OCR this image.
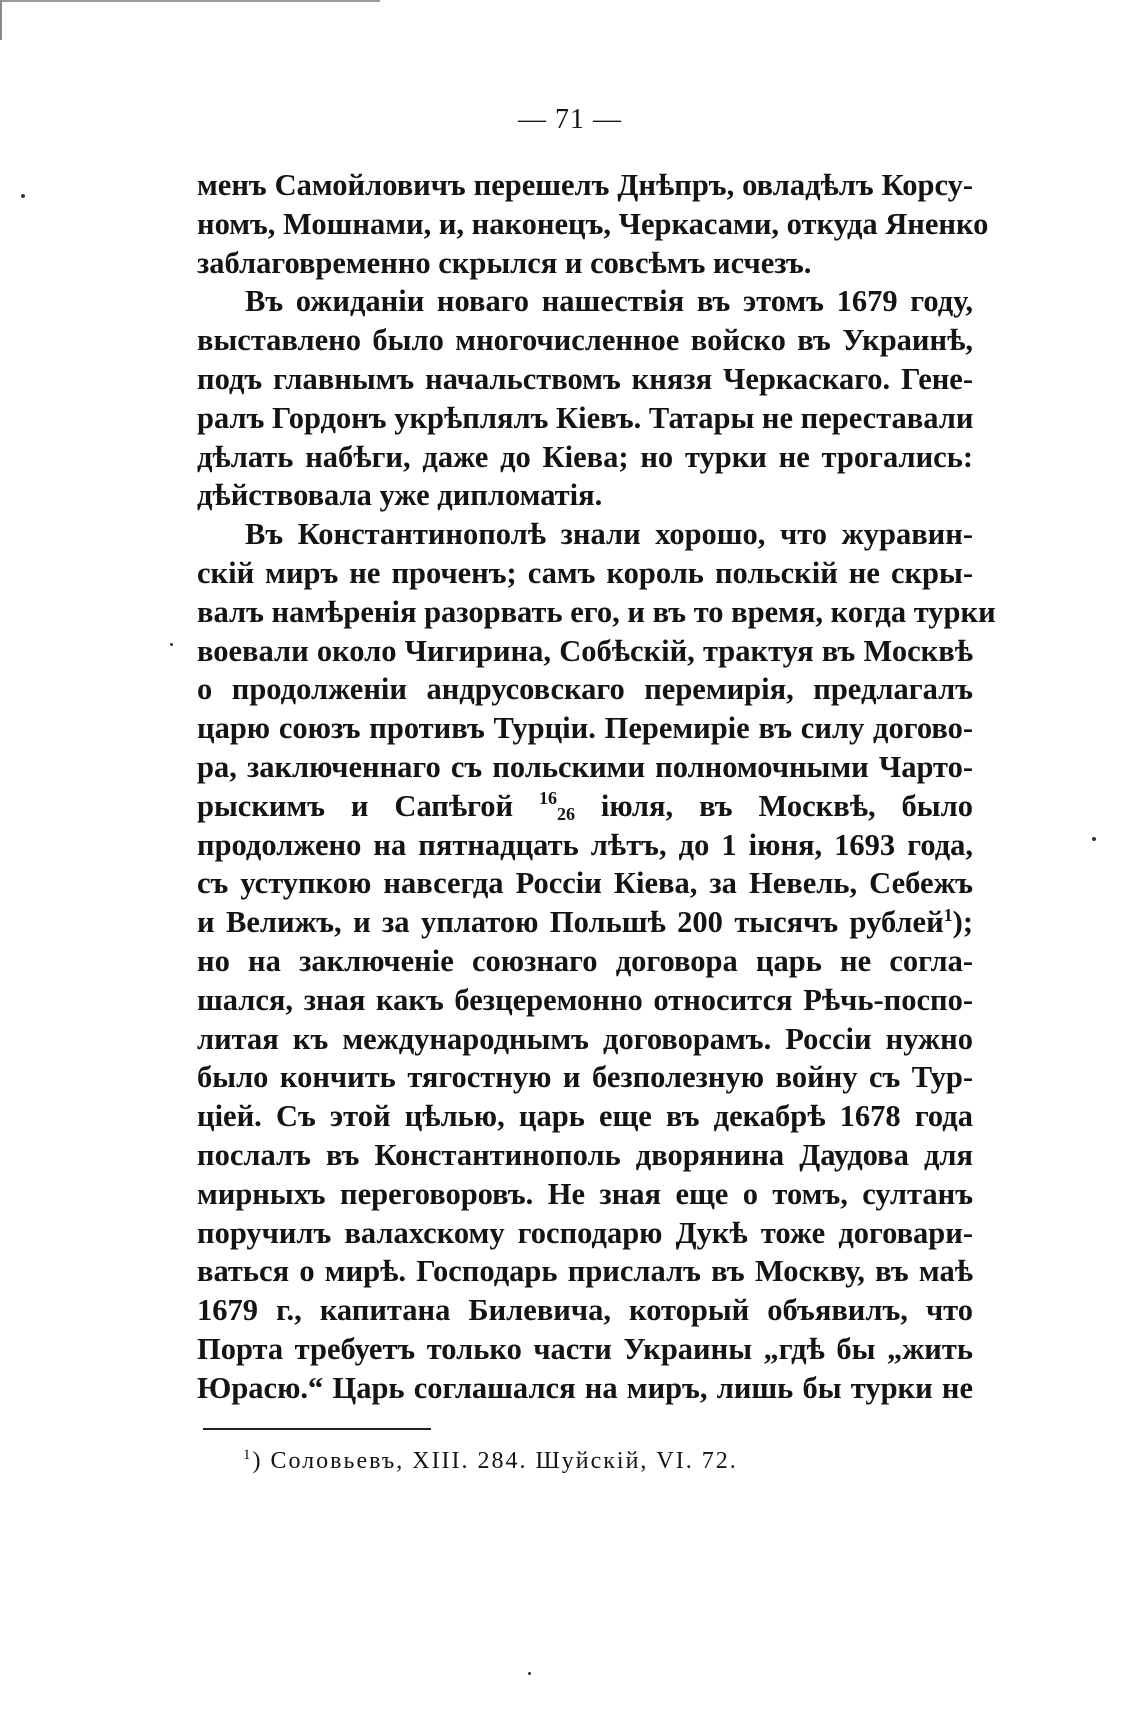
— 71 —
менъ Самойловичъ перешелъ Днѣпръ, овладѣлъ Корсу-
номъ, Мошнами, и, наконецъ, Черкасами, откуда Яненко
заблаговременно скрылся и совсѣмъ исчезъ.
Въ ожиданіи новаго нашествія въ этомъ 1679 году,
выставлено было многочисленное войско въ Украинѣ,
подъ главнымъ начальствомъ князя Черкаскаго. Гене-
ралъ Гордонъ укрѣплялъ Кіевъ. Татары не переставали
дѣлать набѣги, даже до Кіева; но турки не трогались:
дѣйствовала уже дипломатія.
Въ Константинополѣ знали хорошо, что журавин-
скій миръ не проченъ; самъ король польскій не скры-
валъ намѣренія разорвать его, и въ то время, когда турки
воевали около Чигирина, Собѣскій, трактуя въ Москвѣ
о продолженіи андрусовскаго перемирія, предлагалъ
царю союзъ противъ Турціи. Перемиріе въ силу догово-
ра, заключеннаго съ польскими полномочными Чарто-
рыскимъ и Сапѣгой $^{16}$26 іюля, въ Москвѣ, было
продолжено на пятнадцать лѣтъ, до 1 іюня, 1693 года,
съ уступкою навсегда Россіи Кіева, за Невель, Себежъ
и Велижъ, и за уплатою Польшѣ 200 тысячъ рублей$^1$);
но на заключеніе союзнаго договора царь не согла-
шался, зная какъ безцеремонно относится Рѣчь-поспо-
литая къ международнымъ договорамъ. Россіи нужно
было кончить тягостную и безполезную войну съ Тур-
ціей. Съ этой цѣлью, царь еще въ декабрѣ 1678 года
послалъ въ Константинополь дворянина Даудова для
мирныхъ переговоровъ. Не зная еще о томъ, султанъ
поручилъ валахскому господарю Дукѣ тоже договари-
ваться о мирѣ. Господарь прислалъ въ Москву, въ маѣ
1679 г., капитана Билевича, который объявилъ, что
Порта требуетъ только части Украины „гдѣ бы „жить
Юрасю.“ Царь соглашался на миръ, лишь бы турки не
$^1$) Соловьевъ, XIII. 284. Шуйскій, VI. 72.
